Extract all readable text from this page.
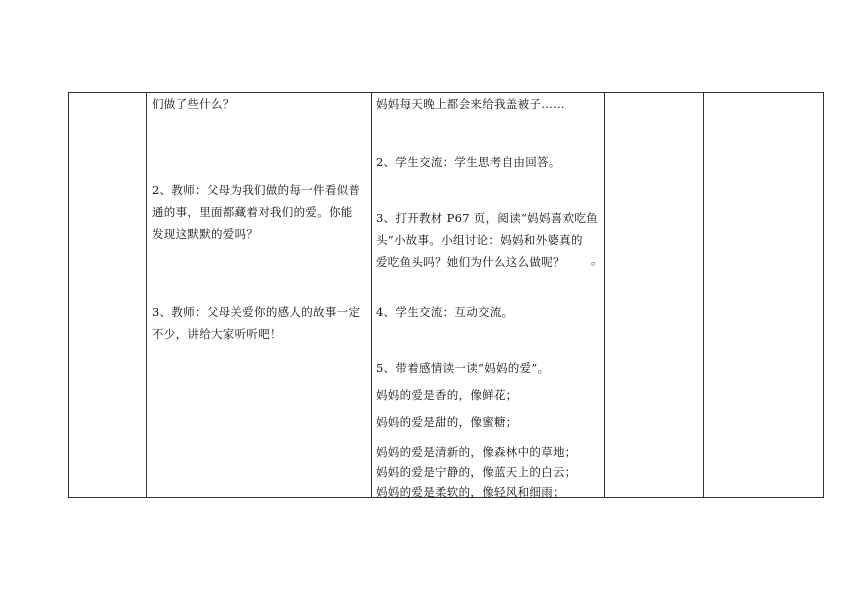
们做了些什么？
2、教师：父母为我们做的每一件看似普
通的事，里面都藏着对我们的爱。你能
发现这默默的爱吗？
3、教师：父母关爱你的感人的故事一定
不少，讲给大家听听吧！
妈妈每天晚上都会来给我盖被子……
2、学生交流：学生思考自由回答。
3、打开教材 P67 页，阅读“妈妈喜欢吃鱼
头”小故事。小组讨论：妈妈和外婆真的
爱吃鱼头吗？她们为什么这么做呢？ 。
4、学生交流：互动交流。
5、带着感情读一读“妈妈的爱”。
妈妈的爱是香的，像鲜花；
妈妈的爱是甜的，像蜜糖；
妈妈的爱是清新的，像森林中的草地；
妈妈的爱是宁静的，像蓝天上的白云；
妈妈的爱是柔软的，像轻风和细雨；
